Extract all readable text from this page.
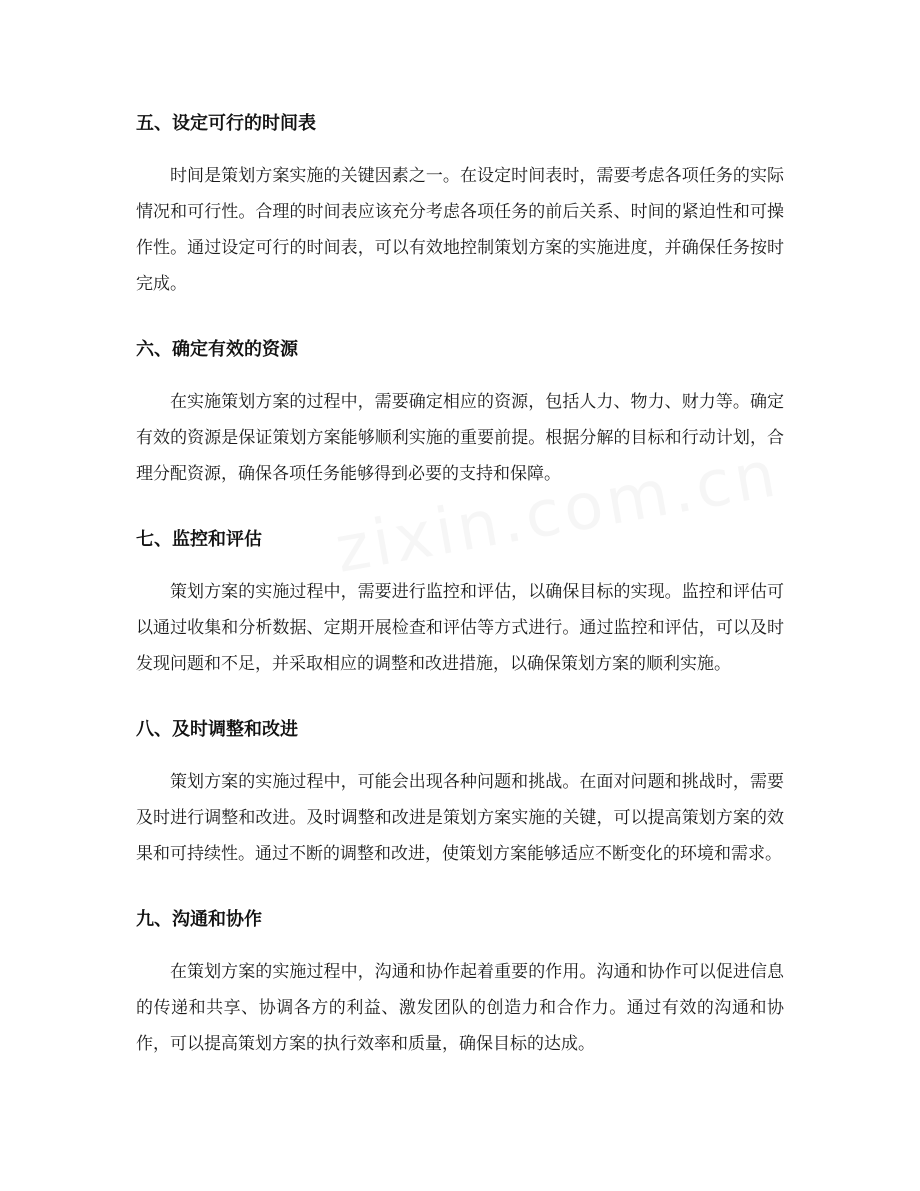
五、设定可行的时间表

时间是策划方案实施的关键因素之一。在设定时间表时，需要考虑各项任务的实际情况和可行性。合理的时间表应该充分考虑各项任务的前后关系、时间的紧迫性和可操作性。通过设定可行的时间表，可以有效地控制策划方案的实施进度，并确保任务按时完成。

六、确定有效的资源

在实施策划方案的过程中，需要确定相应的资源，包括人力、物力、财力等。确定有效的资源是保证策划方案能够顺利实施的重要前提。根据分解的目标和行动计划，合理分配资源，确保各项任务能够得到必要的支持和保障。

七、监控和评估

策划方案的实施过程中，需要进行监控和评估，以确保目标的实现。监控和评估可以通过收集和分析数据、定期开展检查和评估等方式进行。通过监控和评估，可以及时发现问题和不足，并采取相应的调整和改进措施，以确保策划方案的顺利实施。

八、及时调整和改进

策划方案的实施过程中，可能会出现各种问题和挑战。在面对问题和挑战时，需要及时进行调整和改进。及时调整和改进是策划方案实施的关键，可以提高策划方案的效果和可持续性。通过不断的调整和改进，使策划方案能够适应不断变化的环境和需求。

九、沟通和协作

在策划方案的实施过程中，沟通和协作起着重要的作用。沟通和协作可以促进信息的传递和共享、协调各方的利益、激发团队的创造力和合作力。通过有效的沟通和协作，可以提高策划方案的执行效率和质量，确保目标的达成。
